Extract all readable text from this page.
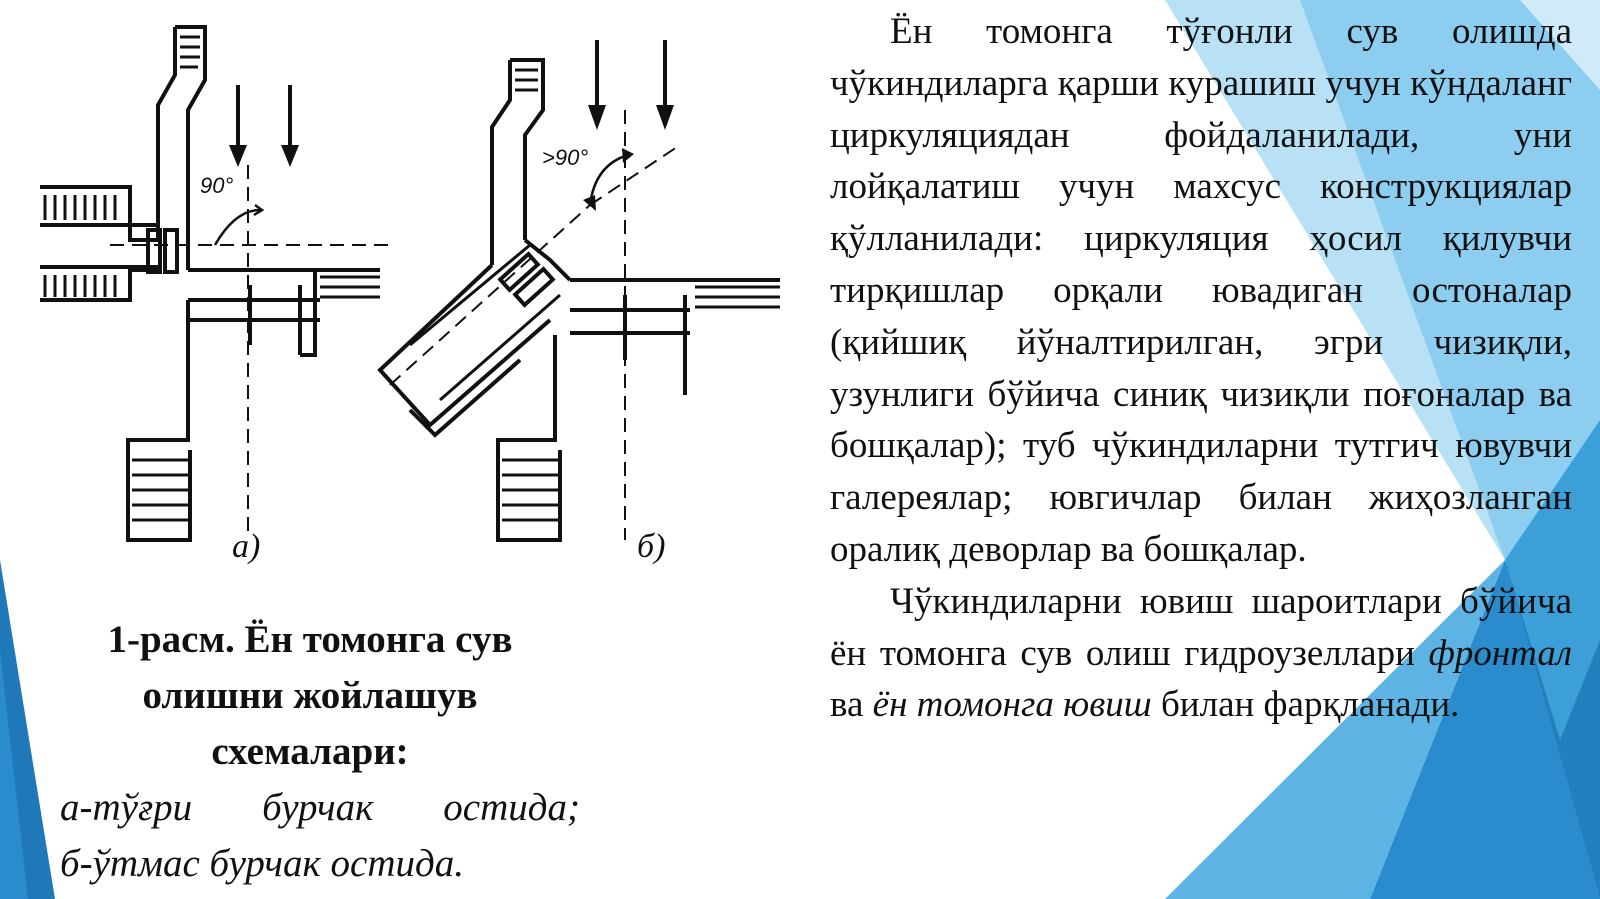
90°
>90°
а)	б)
1-расм. Ён томонга сув олишни жойлашув схемалари:
а-тўғри бурчак остида;
б-ўтмас бурчак остида.

Ён томонга тўғонли сув олишда чўкиндиларга қарши курашиш учун кўндаланг циркуляциядан фойдаланилади, уни лойқалатиш учун махсус конструкциялар қўлланилади: циркуляция ҳосил қилувчи тирқишлар орқали ювадиган остоналар (қийшиқ йўналтирилган, эгри чизиқли, узунлиги бўйича синиқ чизиқли поғоналар ва бошқалар); туб чўкиндиларни тутгич ювувчи галереялар; ювгичлар билан жиҳозланган оралиқ деворлар ва бошқалар.

Чўкиндиларни ювиш шароитлари бўйича ён томонга сув олиш гидроузеллари фронтал ва ён томонга ювиш билан фарқланади.
